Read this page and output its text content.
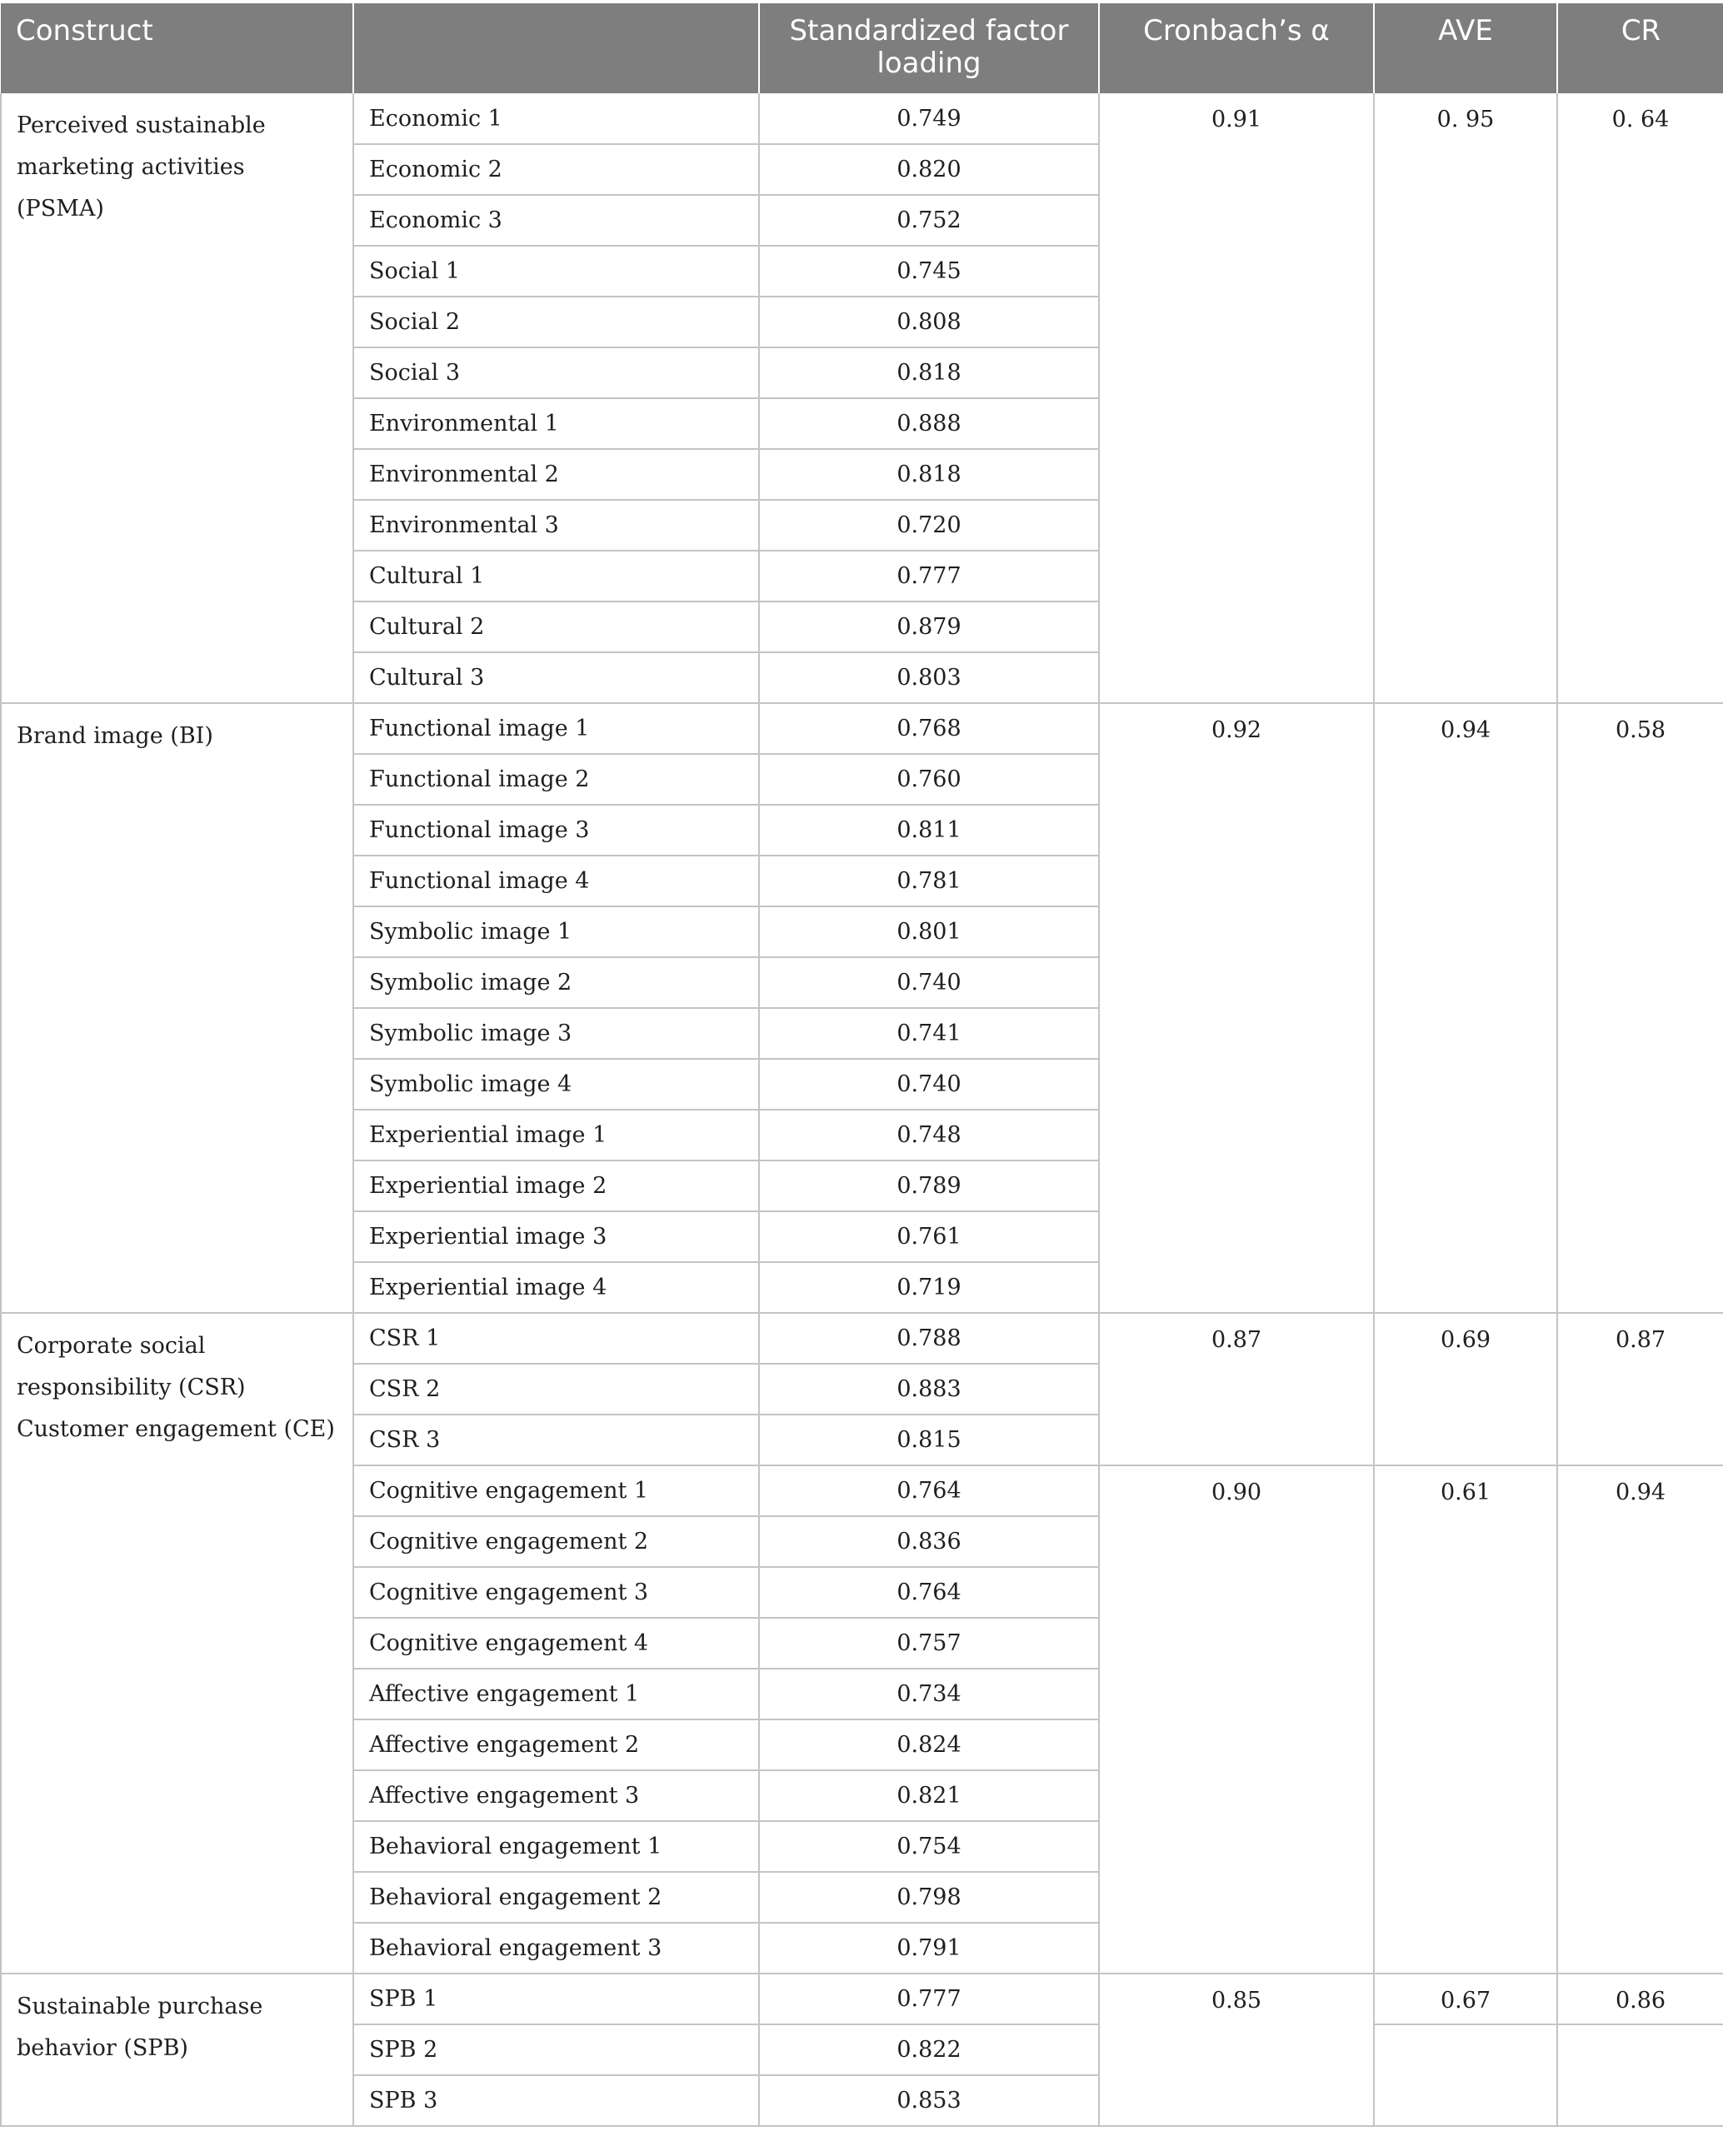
Construct		Standardized factor loading	Cronbach’s α	AVE	CR

Perceived sustainable marketing activities (PSMA)	Economic 1	0.749	0.91	0. 95	0. 64
	Economic 2	0.820			
	Economic 3	0.752			
	Social 1	0.745			
	Social 2	0.808			
	Social 3	0.818			
	Environmental 1	0.888			
	Environmental 2	0.818			
	Environmental 3	0.720			
	Cultural 1	0.777			
	Cultural 2	0.879			
	Cultural 3	0.803			

Brand image (BI)	Functional image 1	0.768	0.92	0.94	0.58
	Functional image 2	0.760			
	Functional image 3	0.811			
	Functional image 4	0.781			
	Symbolic image 1	0.801			
	Symbolic image 2	0.740			
	Symbolic image 3	0.741			
	Symbolic image 4	0.740			
	Experiential image 1	0.748			
	Experiential image 2	0.789			
	Experiential image 3	0.761			
	Experiential image 4	0.719			

Corporate social responsibility (CSR)
Customer engagement (CE)	CSR 1	0.788	0.87	0.69	0.87
	CSR 2	0.883			
	CSR 3	0.815			
	Cognitive engagement 1	0.764	0.90	0.61	0.94
	Cognitive engagement 2	0.836			
	Cognitive engagement 3	0.764			
	Cognitive engagement 4	0.757			
	Affective engagement 1	0.734			
	Affective engagement 2	0.824			
	Affective engagement 3	0.821			
	Behavioral engagement 1	0.754			
	Behavioral engagement 2	0.798			
	Behavioral engagement 3	0.791			

Sustainable purchase behavior (SPB)	SPB 1	0.777	0.85	0.67	0.86
	SPB 2	0.822			
	SPB 3	0.853			
